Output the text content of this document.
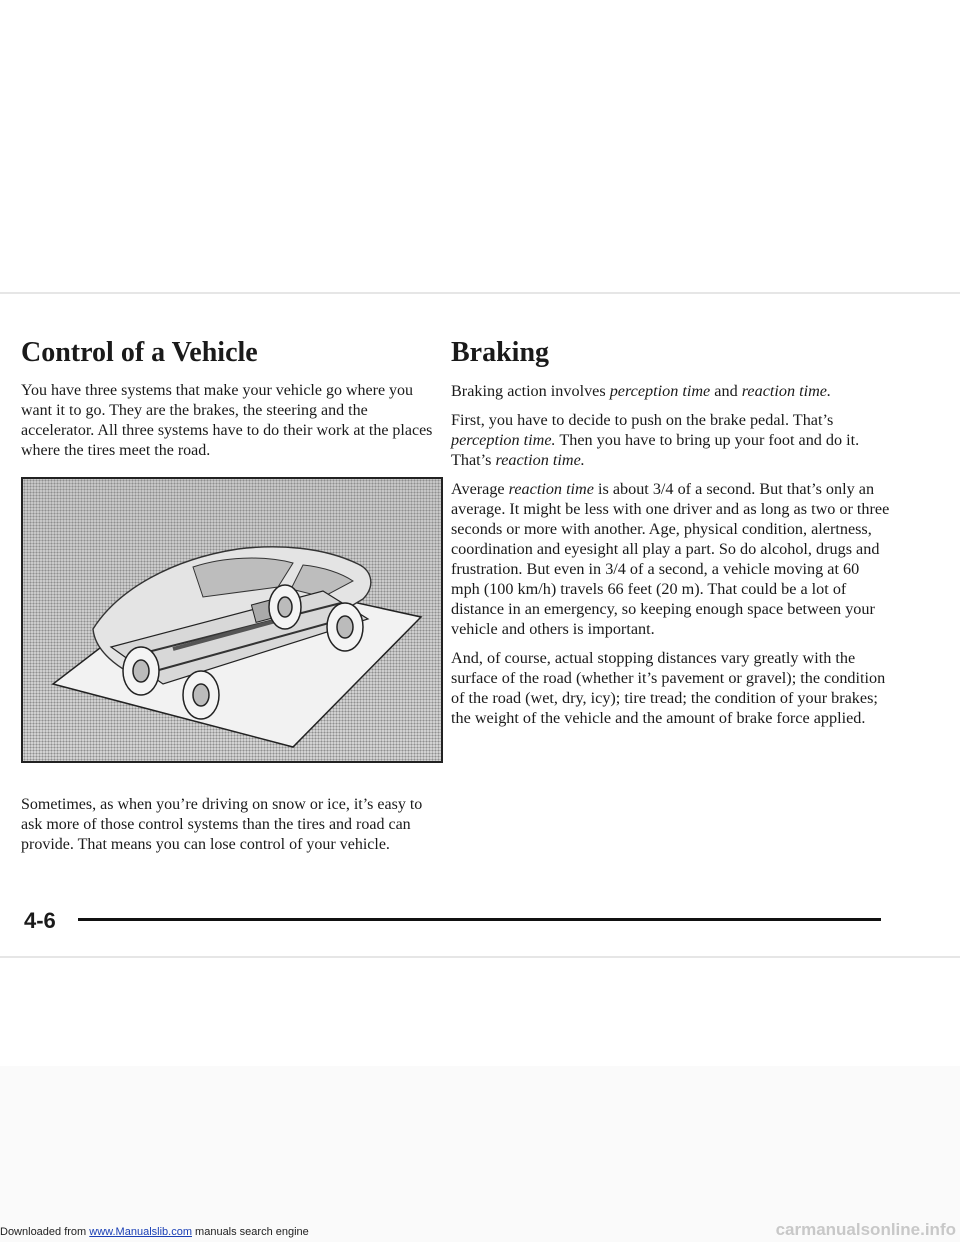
Control of a Vehicle

You have three systems that make your vehicle go where you want it to go. They are the brakes, the steering and the accelerator. All three systems have to do their work at the places where the tires meet the road.

Sometimes, as when you’re driving on snow or ice, it’s easy to ask more of those control systems than the tires and road can provide. That means you can lose control of your vehicle.

Braking

Braking action involves perception time and reaction time.

First, you have to decide to push on the brake pedal. That’s perception time. Then you have to bring up your foot and do it. That’s reaction time.

Average reaction time is about 3/4 of a second. But that’s only an average. It might be less with one driver and as long as two or three seconds or more with another. Age, physical condition, alertness, coordination and eyesight all play a part. So do alcohol, drugs and frustration. But even in 3/4 of a second, a vehicle moving at 60 mph (100 km/h) travels 66 feet (20 m). That could be a lot of distance in an emergency, so keeping enough space between your vehicle and others is important.

And, of course, actual stopping distances vary greatly with the surface of the road (whether it’s pavement or gravel); the condition of the road (wet, dry, icy); tire tread; the condition of your brakes; the weight of the vehicle and the amount of brake force applied.

4-6
Downloaded from www.Manualslib.com manuals search engine	carmanualsonline.info
